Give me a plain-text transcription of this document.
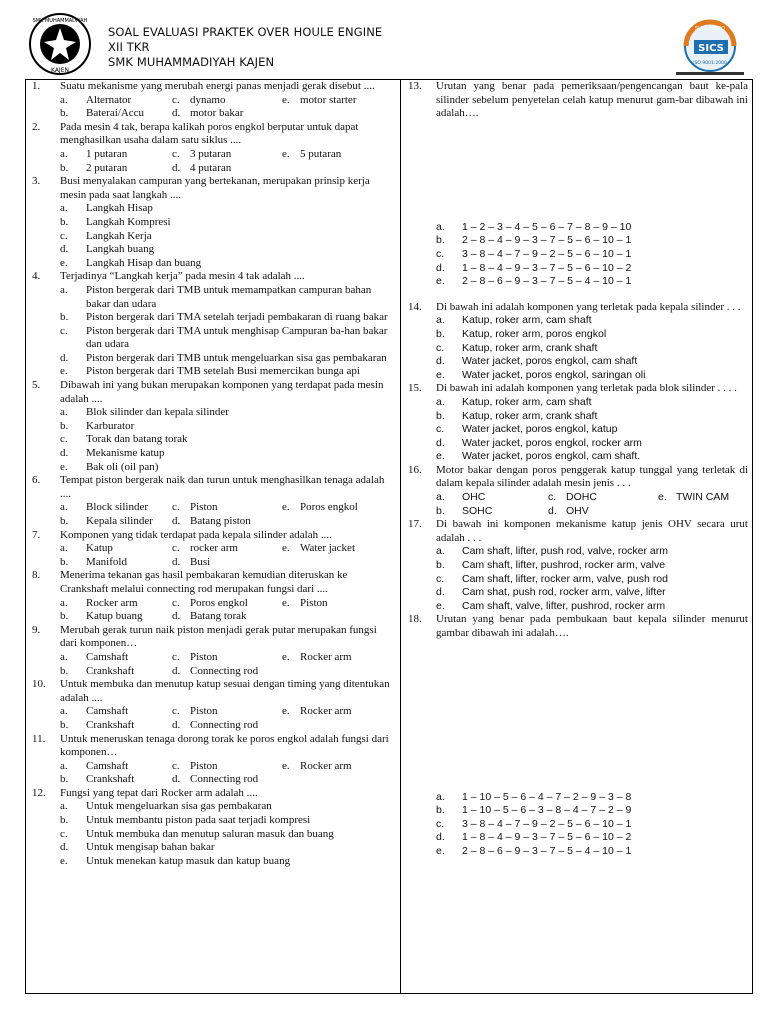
SMK MUHAMMADIYAH
KAJEN
SOAL EVALUASI PRAKTEK OVER HOULE ENGINE
XII TKR
SMK MUHAMMADIYAH KAJEN
SICS
SUCOFINDO
ISO 9001:2000
1.	Suatu mekanisme yang merubah energi panas menjadi gerak disebut ....
a.	Alternator	c. dynamo	e. motor starter
b.	Baterai/Accu	d. motor bakar
2.	Pada mesin 4 tak, berapa kalikah poros engkol berputar untuk dapat menghasilkan usaha dalam satu siklus ....
a.	1 putaran	c. 3 putaran	e. 5 putaran
b.	2 putaran	d. 4 putaran
3.	Busi menyalakan campuran yang bertekanan, merupakan prinsip kerja mesin pada saat langkah ....
a.	Langkah Hisap
b.	Langkah Kompresi
c.	Langkah Kerja
d.	Langkah buang
e.	Langkah Hisap dan buang
4.	Terjadinya “Langkah kerja” pada mesin 4 tak adalah ....
a.	Piston bergerak dari TMB untuk memampatkan campuran bahan bakar dan udara
b.	Piston bergerak dari TMA setelah terjadi pembakaran di ruang bakar
c.	Piston bergerak dari TMA untuk menghisap Campuran ba-han bakar dan udara
d.	Piston bergerak dari TMB untuk mengeluarkan sisa gas pembakaran
e.	Piston bergerak dari TMB setelah Busi memercikan bunga api
5.	Dibawah ini yang bukan merupakan komponen yang terdapat pada mesin adalah ....
a.	Blok silinder dan kepala silinder
b.	Karburator
c.	Torak dan batang torak
d.	Mekanisme katup
e.	Bak oli (oil pan)
6.	Tempat piston bergerak naik dan turun untuk menghasilkan tenaga adalah ....
a.	Block silinder	c. Piston	e. Poros engkol
b.	Kepala silinder	d. Batang piston
7.	Komponen yang tidak terdapat pada kepala silinder adalah ....
a.	Katup	c. rocker arm	e. Water jacket
b.	Manifold	d. Busi
8.	Menerima tekanan gas hasil pembakaran kemudian diteruskan ke Crankshaft melalui connecting rod merupakan fungsi dari ....
a.	Rocker arm	c. Poros engkol	e. Piston
b.	Katup buang	d. Batang torak
9.	Merubah gerak turun naik piston menjadi gerak putar merupakan fungsi dari komponen…
a.	Camshaft	c. Piston	e. Rocker arm
b.	Crankshaft	d. Connecting rod
10.	Untuk membuka dan menutup katup sesuai dengan timing yang ditentukan adalah ....
a.	Camshaft	c. Piston	e. Rocker arm
b.	Crankshaft	d. Connecting rod
11.	Untuk meneruskan tenaga dorong torak ke poros engkol adalah fungsi dari komponen…
a.	Camshaft	c. Piston	e. Rocker arm
b.	Crankshaft	d. Connecting rod
12.	Fungsi yang tepat dari Rocker arm adalah ....
a.	Untuk mengeluarkan sisa gas pembakaran
b.	Untuk membantu piston pada saat terjadi kompresi
c.	Untuk membuka dan menutup saluran masuk dan buang
d.	Untuk mengisap bahan bakar
e.	Untuk menekan katup masuk dan katup buang
13.	Urutan yang benar pada pemeriksaan/pengencangan baut ke-pala silinder sebelum penyetelan celah katup menurut gam-bar dibawah ini adalah….
a.	1 – 2 – 3 – 4 – 5 – 6 – 7 – 8 – 9 – 10
b.	2 – 8 – 4 – 9 – 3 – 7 – 5 – 6 – 10 – 1
c.	3 – 8 – 4 – 7 – 9 – 2 – 5 – 6 – 10 – 1
d.	1 – 8 – 4 – 9 – 3 – 7 – 5 – 6 – 10 – 2
e.	2 – 8 – 6 – 9 – 3 – 7 – 5 – 4 – 10 – 1
14.	Di bawah ini adalah komponen yang terletak pada kepala silinder . . .
a.	Katup, roker arm, cam shaft
b.	Katup, roker arm, poros engkol
c.	Katup, roker arm, crank shaft
d.	Water jacket, poros engkol, cam shaft
e.	Water jacket, poros engkol, saringan oli
15.	Di bawah ini adalah komponen yang terletak pada blok silinder . . . .
a.	Katup, roker arm, cam shaft
b.	Katup, roker arm, crank shaft
c.	Water jacket, poros engkol, katup
d.	Water jacket, poros engkol, rocker arm
e.	Water jacket, poros engkol, cam shaft.
16.	Motor bakar dengan poros penggerak katup tunggal yang terletak di dalam kepala silinder adalah mesin jenis . . .
a.	OHC	c. DOHC	e. TWIN CAM
b.	SOHC	d. OHV
17.	Di bawah ini komponen mekanisme katup jenis OHV secara urut adalah . . .
a.	Cam shaft, lifter, push rod, valve, rocker arm
b.	Cam shaft, lifter, pushrod, rocker arm, valve
c.	Cam shaft, lifter, rocker arm, valve, push rod
d.	Cam shat, push rod, rocker arm, valve, lifter
e.	Cam shaft, valve, lifter, pushrod, rocker arm
18.	Urutan yang benar pada pembukaan baut kepala silinder menurut gambar dibawah ini adalah….
a.	1 – 10 – 5 – 6 – 4 – 7 – 2 – 9 – 3 – 8
b.	1 – 10 – 5 – 6 – 3 – 8 – 4 – 7 – 2 – 9
c.	3 – 8 – 4 – 7 – 9 – 2 – 5 – 6 – 10 – 1
d.	1 – 8 – 4 – 9 – 3 – 7 – 5 – 6 – 10 – 2
e.	2 – 8 – 6 – 9 – 3 – 7 – 5 – 4 – 10 – 1
